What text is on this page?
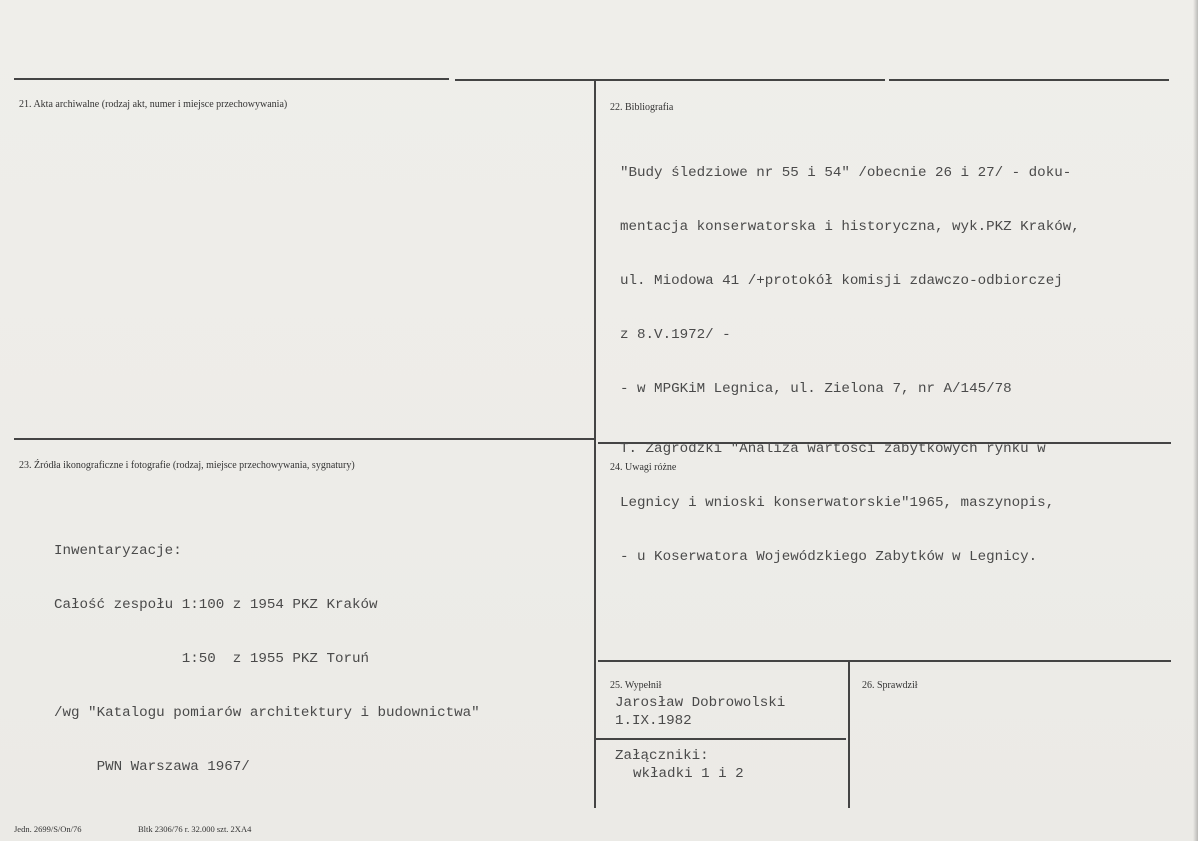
21. Akta archiwalne (rodzaj akt, numer i miejsce przechowywania)	22. Bibliografia

"Budy śledziowe nr 55 i 54" /obecnie 26 i 27/ - doku-

mentacja konserwatorska i historyczna, wyk.PKZ Kraków,

ul. Miodowa 41 /+protokół komisji zdawczo-odbiorczej

z 8.V.1972/ -

- w MPGKiM Legnica, ul. Zielona 7, nr A/145/78

T. Zagrodzki "Analiza wartości zabytkowych rynku w

Legnicy i wnioski konserwatorskie"1965, maszynopis,

- u Koserwatora Wojewódzkiego Zabytków w Legnicy.

23. Źródła ikonograficzne i fotografie (rodzaj, miejsce przechowywania, sygnatury)

Inwentaryzacje:

Całość zespołu 1:100 z 1954 PKZ Kraków

1:50  z 1955 PKZ Toruń

/wg "Katalogu pomiarów architektury i budownictwa"

PWN Warszawa 1967/

24. Uwagi różne
25. Wypełnił
Jarosław Dobrowolski
1.IX.1982
Załączniki:
wkładki 1 i 2
26. Sprawdził
Jedn. 2699/S/On/76	Bltk 2306/76 r. 32.000 szt. 2XA4
